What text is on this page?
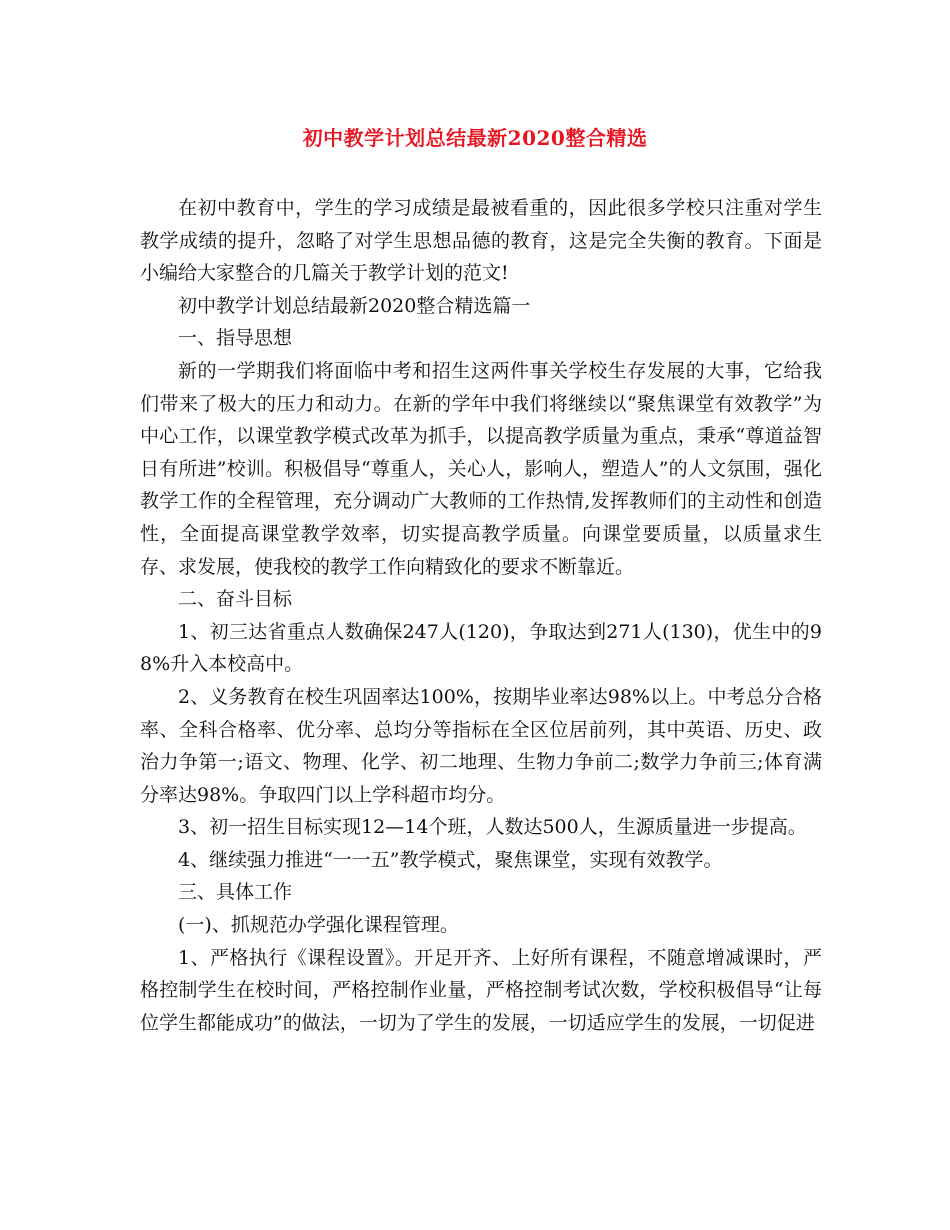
初中教学计划总结最新2020整合精选

在初中教育中，学生的学习成绩是最被看重的，因此很多学校只注重对学生教学成绩的提升，忽略了对学生思想品德的教育，这是完全失衡的教育。下面是小编给大家整合的几篇关于教学计划的范文!

初中教学计划总结最新2020整合精选篇一

一、指导思想

新的一学期我们将面临中考和招生这两件事关学校生存发展的大事，它给我们带来了极大的压力和动力。在新的学年中我们将继续以“聚焦课堂有效教学”为中心工作，以课堂教学模式改革为抓手，以提高教学质量为重点，秉承“尊道益智日有所进”校训。积极倡导“尊重人，关心人，影响人，塑造人”的人文氛围，强化教学工作的全程管理，充分调动广大教师的工作热情,发挥教师们的主动性和创造性，全面提高课堂教学效率，切实提高教学质量。向课堂要质量，以质量求生存、求发展，使我校的教学工作向精致化的要求不断靠近。

二、奋斗目标

1、初三达省重点人数确保247人(120)，争取达到271人(130)，优生中的98%升入本校高中。

2、义务教育在校生巩固率达100%，按期毕业率达98%以上。中考总分合格率、全科合格率、优分率、总均分等指标在全区位居前列，其中英语、历史、政治力争第一;语文、物理、化学、初二地理、生物力争前二;数学力争前三;体育满分率达98%。争取四门以上学科超市均分。

3、初一招生目标实现12—14个班，人数达500人，生源质量进一步提高。

4、继续强力推进“一一五”教学模式，聚焦课堂，实现有效教学。

三、具体工作

(一)、抓规范办学强化课程管理。

1、严格执行《课程设置》。开足开齐、上好所有课程，不随意增减课时，严格控制学生在校时间，严格控制作业量，严格控制考试次数，学校积极倡导“让每位学生都能成功”的做法，一切为了学生的发展，一切适应学生的发展，一切促进
